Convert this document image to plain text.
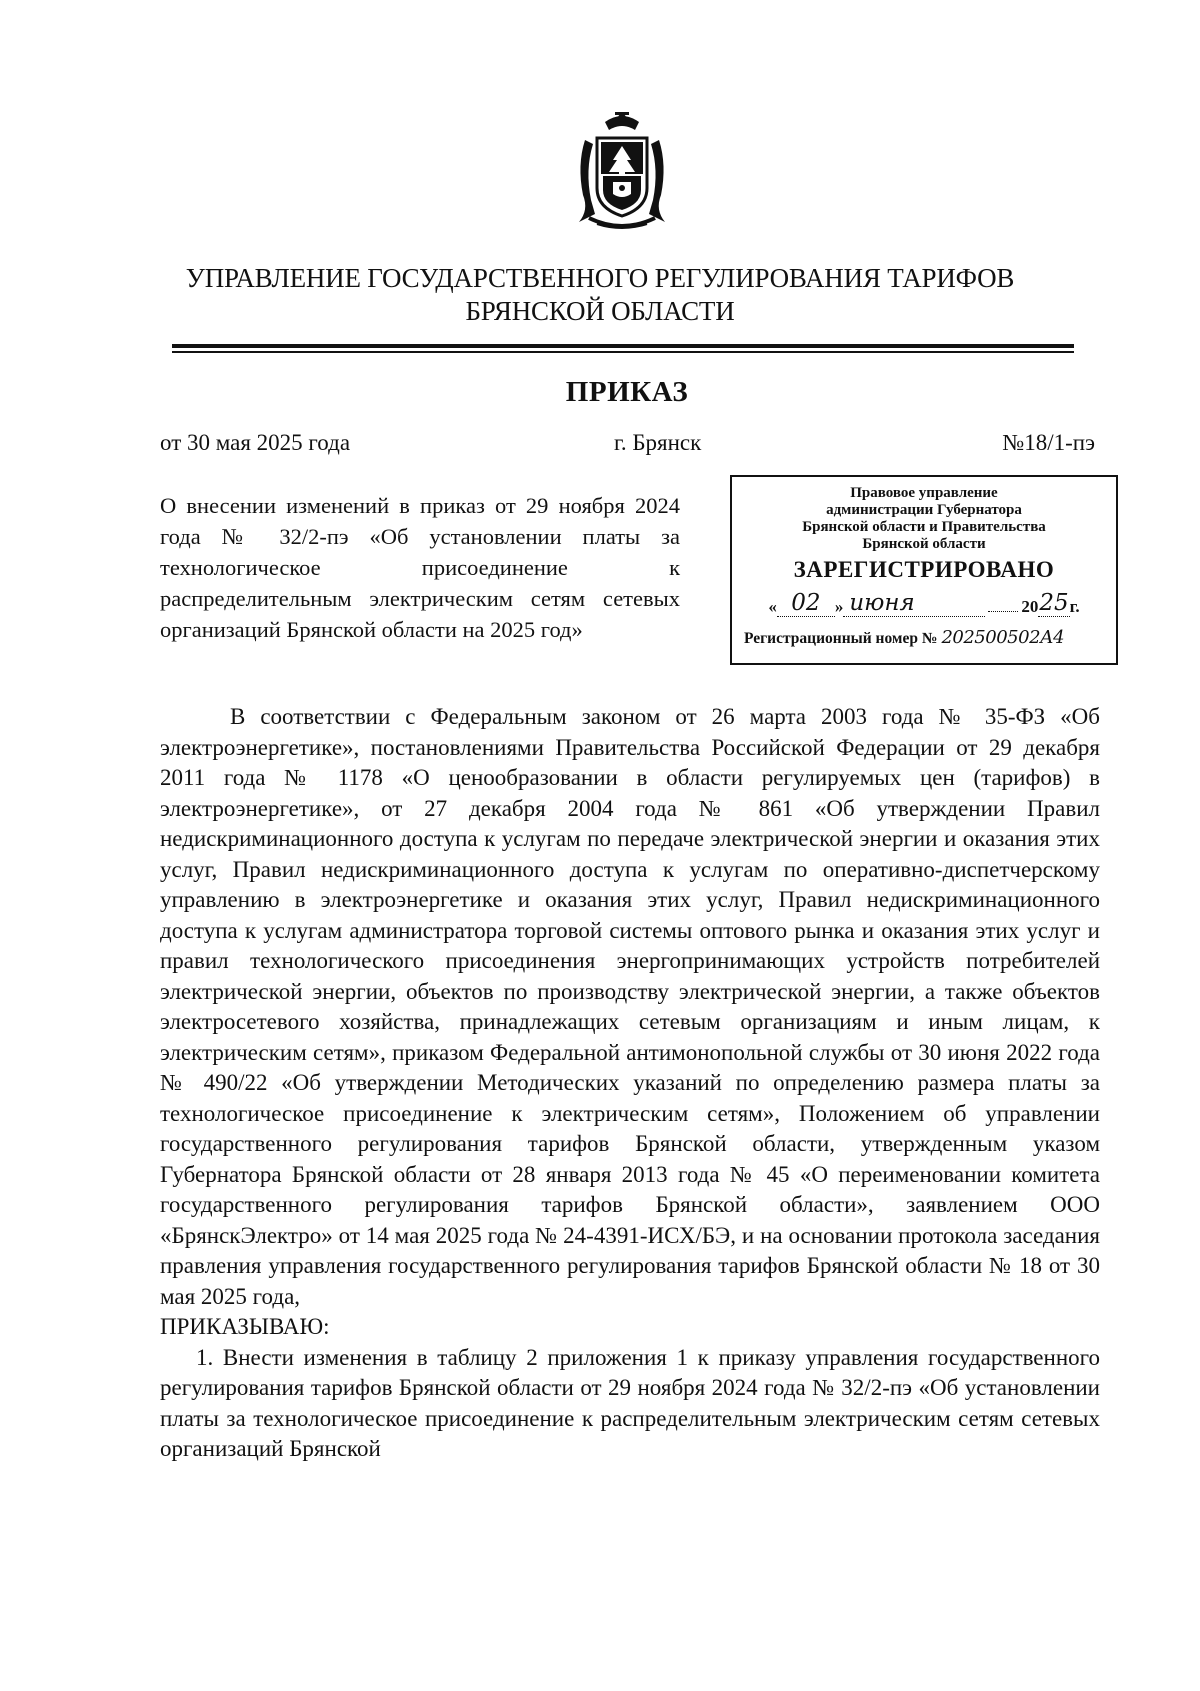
УПРАВЛЕНИЕ ГОСУДАРСТВЕННОГО РЕГУЛИРОВАНИЯ ТАРИФОВ
БРЯНСКОЙ ОБЛАСТИ
ПРИКАЗ
от 30 мая 2025 года	г. Брянск	№18/1-пэ
О внесении изменений в приказ от 29 ноября 2024 года № 32/2-пэ «Об установлении платы за технологическое присоединение к распределительным электрическим сетям сетевых организаций Брянской области на 2025 год»
Правовое управление
администрации Губернатора
Брянской области и Правительства
Брянской области
ЗАРЕГИСТРИРОВАНО
« 02 » июня	20 25 г.
Регистрационный номер № 202500502А4

В соответствии с Федеральным законом от 26 марта 2003 года № 35-ФЗ «Об электроэнергетике», постановлениями Правительства Российской Федерации от 29 декабря 2011 года № 1178 «О ценообразовании в области регулируемых цен (тарифов) в электроэнергетике», от 27 декабря 2004 года № 861 «Об утверждении Правил недискриминационного доступа к услугам по передаче электрической энергии и оказания этих услуг, Правил недискриминационного доступа к услугам по оперативно-диспетчерскому управлению в электроэнергетике и оказания этих услуг, Правил недискриминационного доступа к услугам администратора торговой системы оптового рынка и оказания этих услуг и правил технологического присоединения энергопринимающих устройств потребителей электрической энергии, объектов по производству электрической энергии, а также объектов электросетевого хозяйства, принадлежащих сетевым организациям и иным лицам, к электрическим сетям», приказом Федеральной антимонопольной службы от 30 июня 2022 года № 490/22 «Об утверждении Методических указаний по определению размера платы за технологическое присоединение к электрическим сетям», Положением об управлении государственного регулирования тарифов Брянской области, утвержденным указом Губернатора Брянской области от 28 января 2013 года № 45 «О переименовании комитета государственного регулирования тарифов Брянской области», заявлением ООО «БрянскЭлектро» от 14 мая 2025 года № 24-4391-ИСХ/БЭ, и на основании протокола заседания правления управления государственного регулирования тарифов Брянской области № 18 от 30 мая 2025 года,

ПРИКАЗЫВАЮ:

1. Внести изменения в таблицу 2 приложения 1 к приказу управления государственного регулирования тарифов Брянской области от 29 ноября 2024 года № 32/2-пэ «Об установлении платы за технологическое присоединение к распределительным электрическим сетям сетевых организаций Брянской
